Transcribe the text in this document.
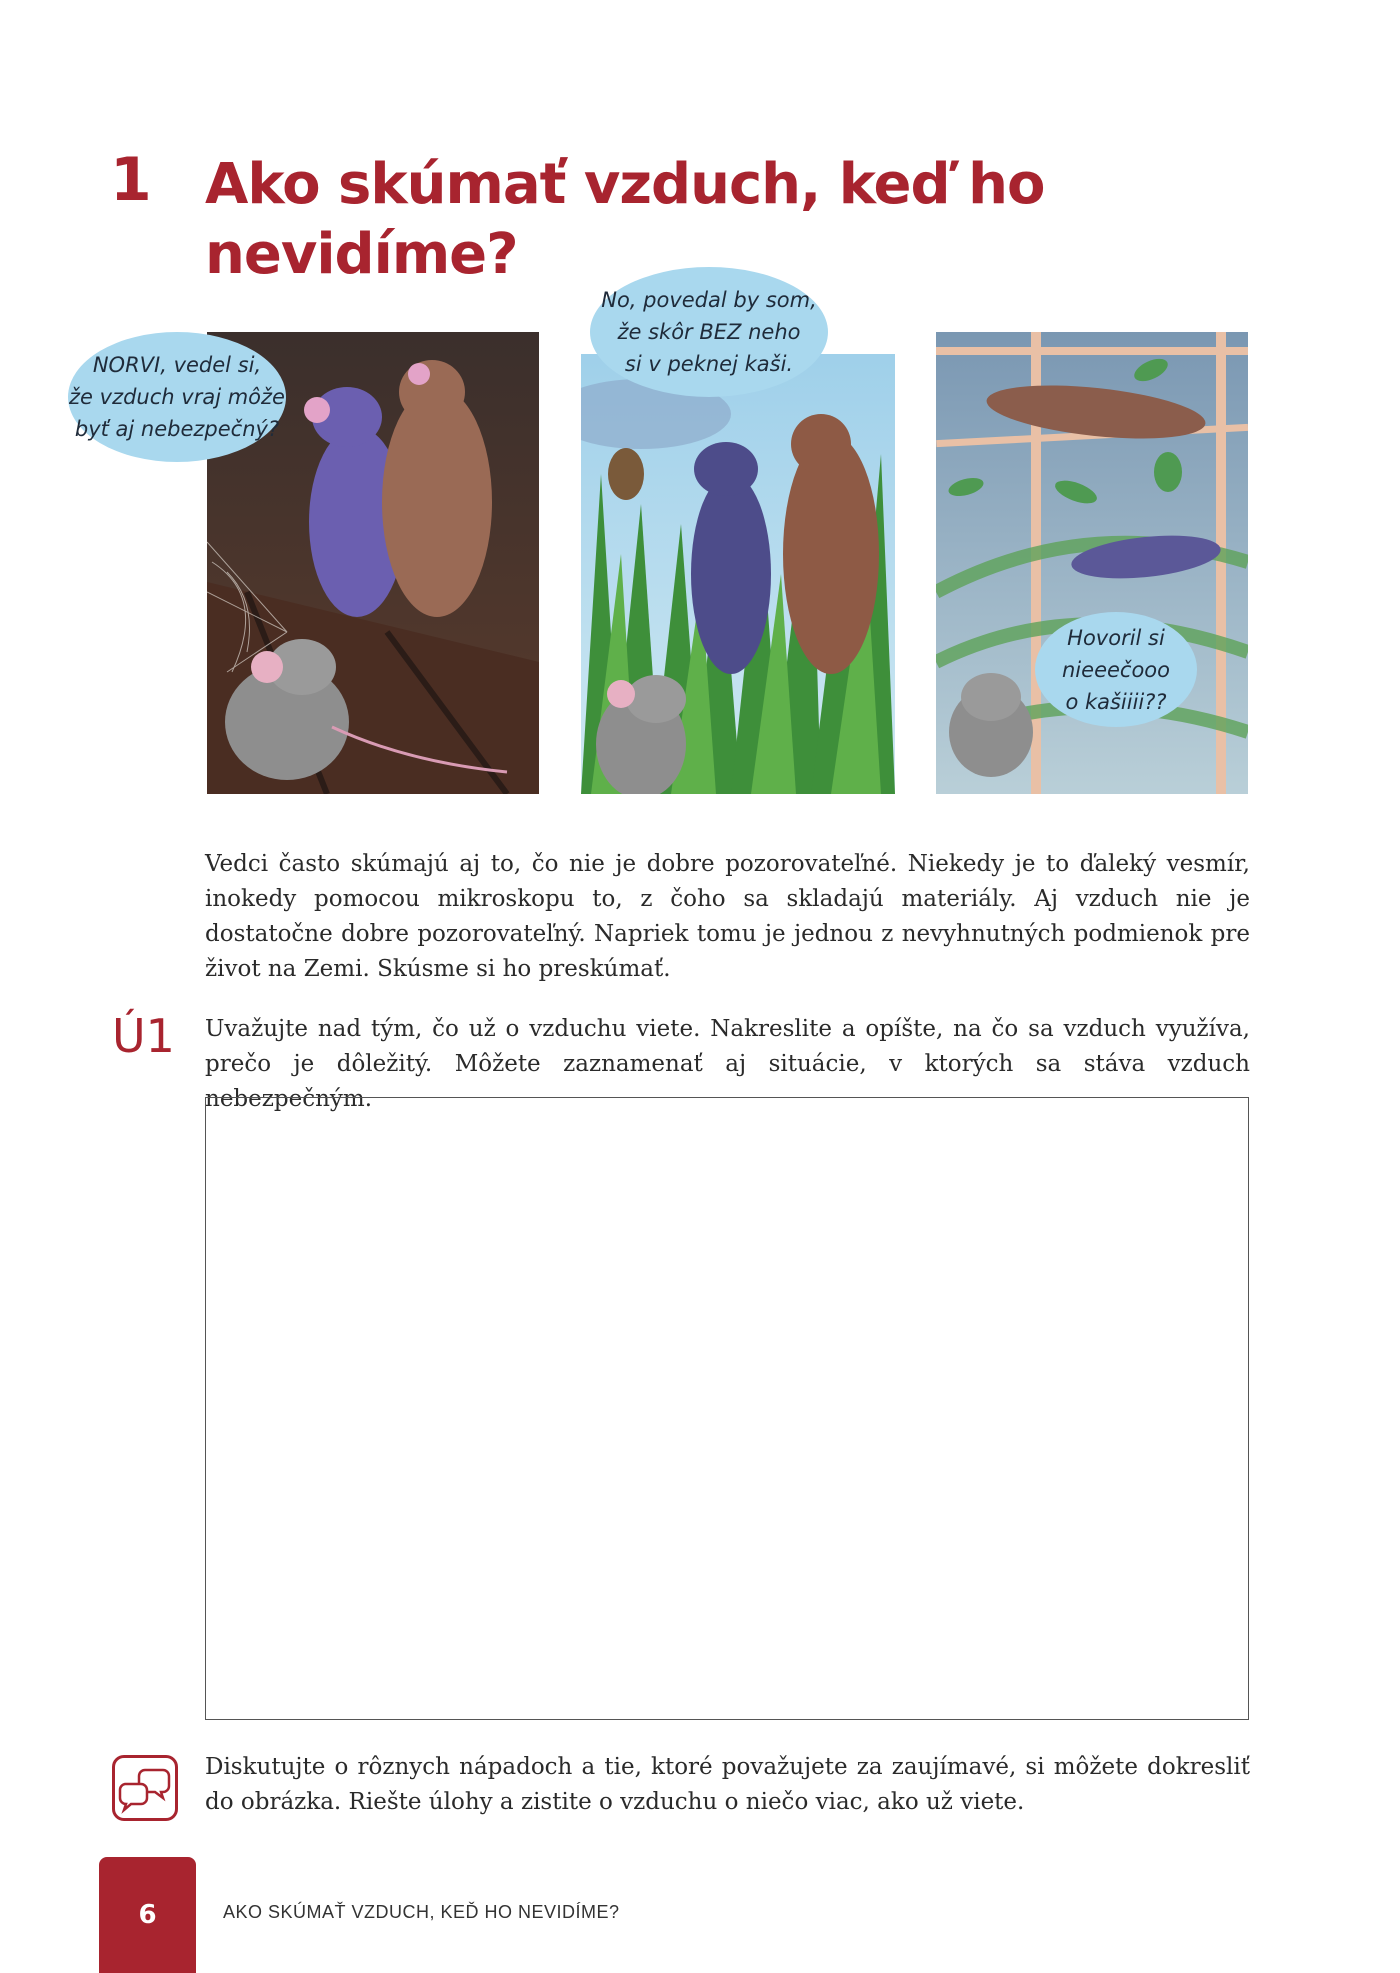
1 Ako skúmať vzduch, keď ho nevidíme?
NORVI, vedel si,
že vzduch vraj môže
byť aj nebezpečný?
No, povedal by som,
že skôr BEZ neho
si v peknej kaši.
Hovoril si
nieeečooo
o kašiiii??
Vedci často skúmajú aj to, čo nie je dobre pozorovateľné. Niekedy je to ďaleký vesmír, inokedy pomocou mikroskopu to, z čoho sa skladajú materiály. Aj vzduch nie je dostatočne dobre pozorovateľný. Napriek tomu je jednou z nevyhnutných podmienok pre život na Zemi. Skúsme si ho preskúmať.
Ú1 Uvažujte nad tým, čo už o vzduchu viete. Nakreslite a opíšte, na čo sa vzduch využíva, prečo je dôležitý. Môžete zaznamenať aj situácie, v ktorých sa stáva vzduch nebezpečným.
Diskutujte o rôznych nápadoch a tie, ktoré považujete za zaujímavé, si môžete dokresliť do obrázka. Riešte úlohy a zistite o vzduchu o niečo viac, ako už viete.
6	AKO SKÚMAŤ VZDUCH, KEĎ HO NEVIDÍME?
